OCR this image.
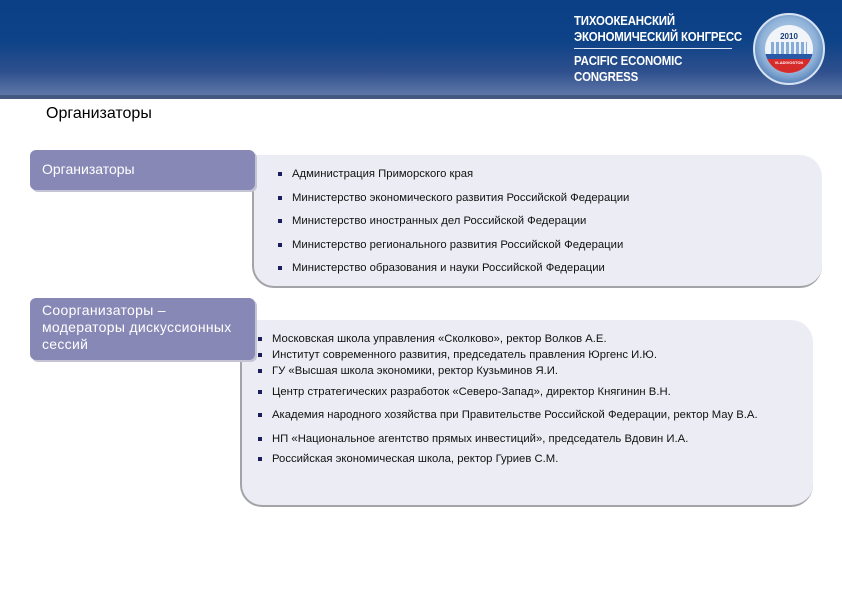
ТИХООКЕАНСКИЙ
ЭКОНОМИЧЕСКИЙ КОНГРЕСС
PACIFIC ECONOMIC
CONGRESS
2010
VLADIVOSTOK
Организаторы
Администрация Приморского края
Министерство экономического развития Российской Федерации
Министерство иностранных дел Российской Федерации
Министерство регионального развития Российской Федерации
Министерство образования и науки Российской Федерации
Организаторы
Московская школа управления «Сколково», ректор Волков А.Е.
Институт современного развития, председатель правления Юргенс И.Ю.
ГУ «Высшая школа экономики, ректор Кузьминов Я.И.
Центр стратегических разработок «Северо-Запад», директор Княгинин В.Н.
Академия народного хозяйства при Правительстве Российской Федерации, ректор Мау В.А.
НП «Национальное агентство прямых инвестиций», председатель Вдовин И.А.
Российская экономическая школа, ректор Гуриев С.М.
Соорганизаторы – модераторы дискуссионных сессий
